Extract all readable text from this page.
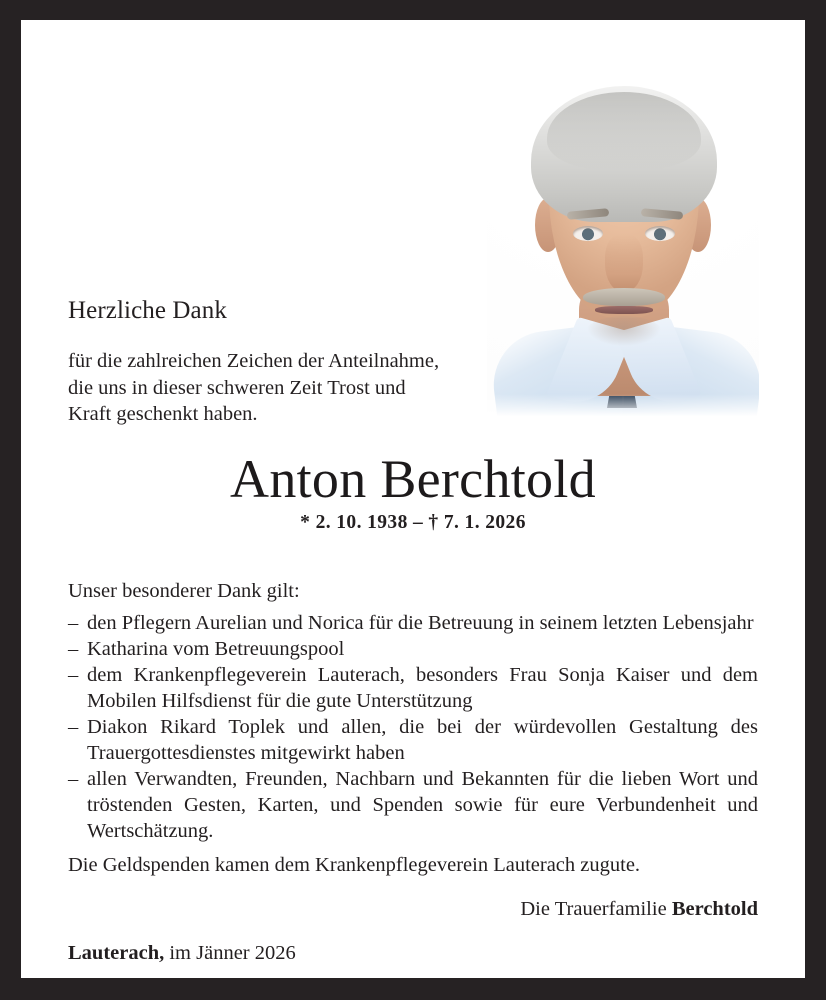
Herzliche Dank
für die zahlreichen Zeichen der Anteilnahme, die uns in dieser schweren Zeit Trost und Kraft geschenkt haben.
Anton Berchtold
* 2. 10. 1938 – † 7. 1. 2026
Unser besonderer Dank gilt:
– den Pflegern Aurelian und Norica für die Betreuung in seinem letzten Lebensjahr
– Katharina vom Betreuungspool
– dem Krankenpflegeverein Lauterach, besonders Frau Sonja Kaiser und dem Mobilen Hilfsdienst für die gute Unterstützung
– Diakon Rikard Toplek und allen, die bei der würdevollen Gestaltung des Trauergottesdienstes mitgewirkt haben
– allen Verwandten, Freunden, Nachbarn und Bekannten für die lieben Wort und tröstenden Gesten, Karten, und Spenden sowie für eure Verbundenheit und Wertschätzung.
Die Geldspenden kamen dem Krankenpflegeverein Lauterach zugute.
Die Trauerfamilie Berchtold
Lauterach, im Jänner 2026
